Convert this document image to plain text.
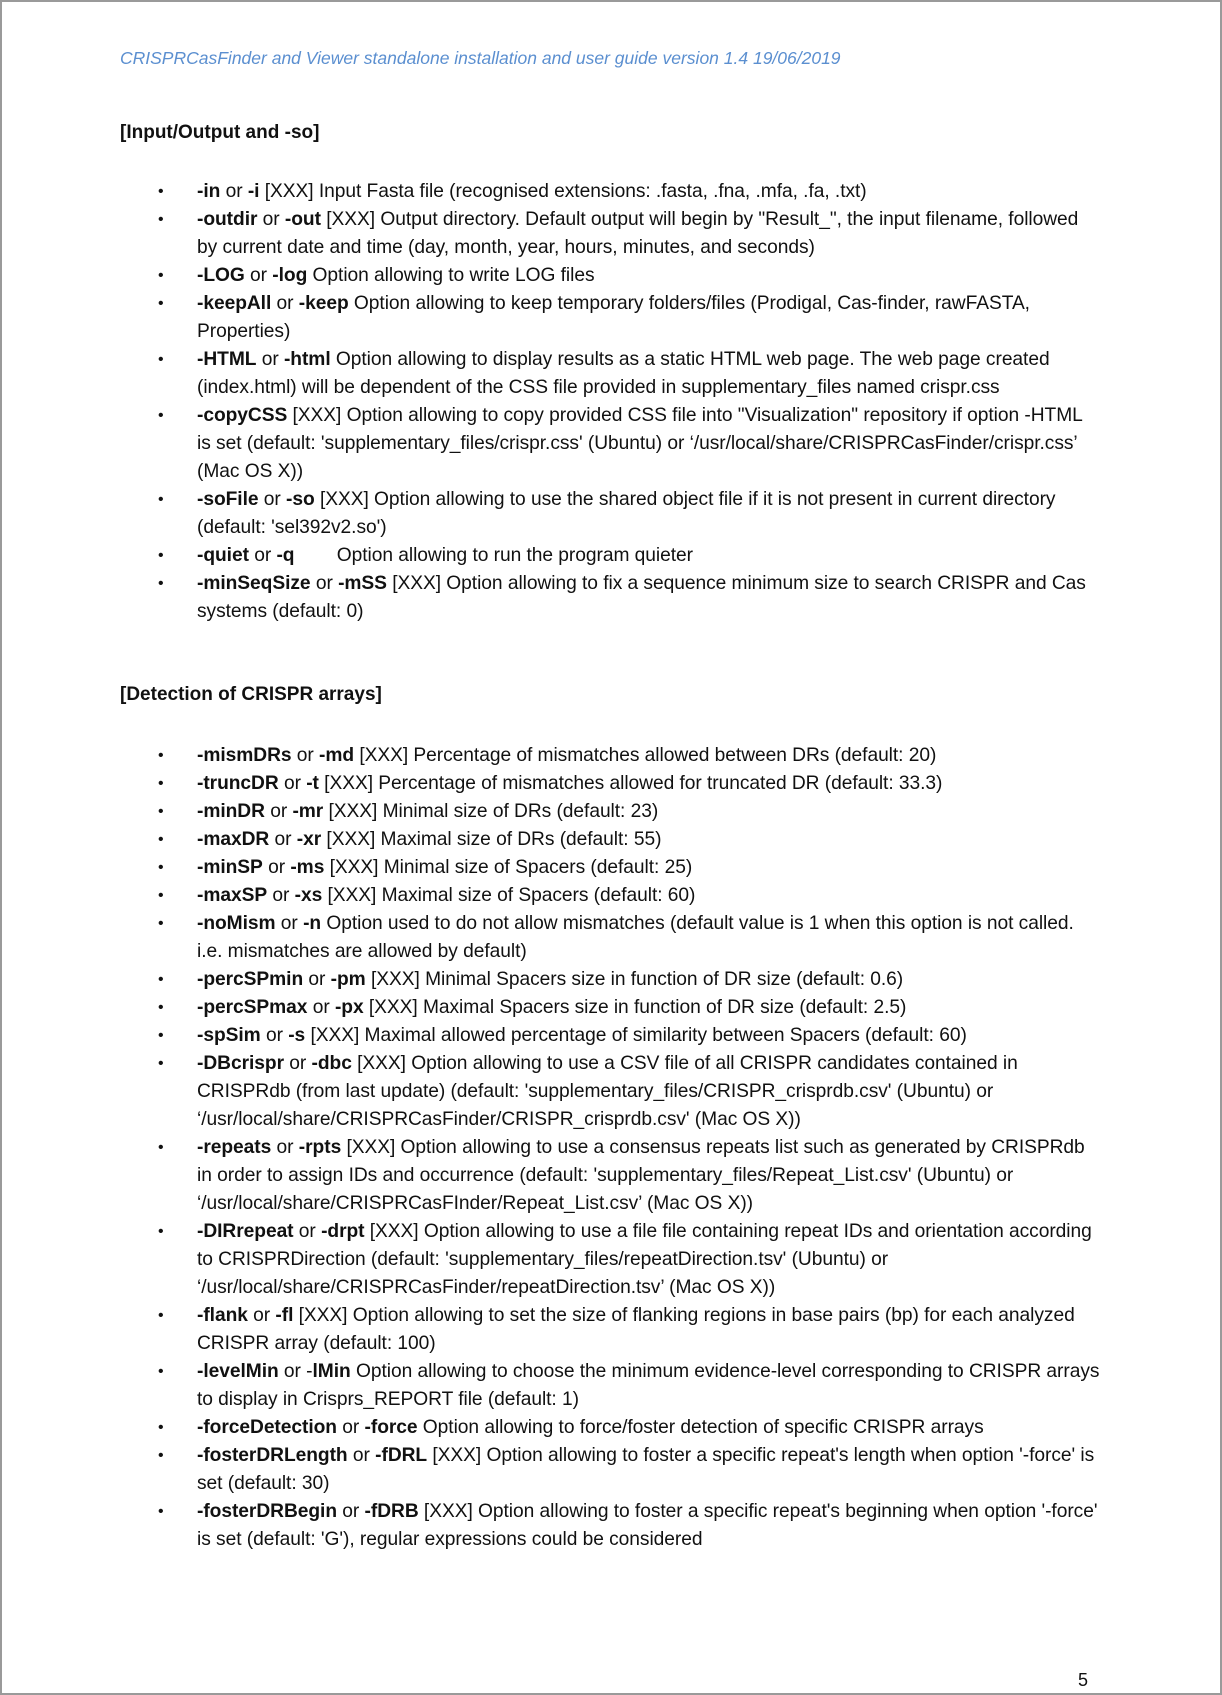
CRISPRCasFinder and Viewer standalone installation and user guide version 1.4 19/06/2019
[Input/Output and -so]
• -in or -i [XXX] Input Fasta file (recognised extensions: .fasta, .fna, .mfa, .fa, .txt)
• -outdir or -out [XXX] Output directory. Default output will begin by "Result_", the input filename, followed by current date and time (day, month, year, hours, minutes, and seconds)
• -LOG or -log Option allowing to write LOG files
• -keepAll or -keep Option allowing to keep temporary folders/files (Prodigal, Cas-finder, rawFASTA, Properties)
• -HTML or -html Option allowing to display results as a static HTML web page. The web page created (index.html) will be dependent of the CSS file provided in supplementary_files named crispr.css
• -copyCSS [XXX] Option allowing to copy provided CSS file into "Visualization" repository if option -HTML is set (default: 'supplementary_files/crispr.css' (Ubuntu) or ‘/usr/local/share/CRISPRCasFinder/crispr.css’ (Mac OS X))
• -soFile or -so [XXX] Option allowing to use the shared object file if it is not present in current directory (default: 'sel392v2.so')
• -quiet or -q        Option allowing to run the program quieter
• -minSeqSize or -mSS [XXX] Option allowing to fix a sequence minimum size to search CRISPR and Cas systems (default: 0)
[Detection of CRISPR arrays]
• -mismDRs or -md [XXX] Percentage of mismatches allowed between DRs (default: 20)
• -truncDR or -t [XXX] Percentage of mismatches allowed for truncated DR (default: 33.3)
• -minDR or -mr [XXX] Minimal size of DRs (default: 23)
• -maxDR or -xr [XXX] Maximal size of DRs (default: 55)
• -minSP or -ms [XXX] Minimal size of Spacers (default: 25)
• -maxSP or -xs [XXX] Maximal size of Spacers (default: 60)
• -noMism or -n Option used to do not allow mismatches (default value is 1 when this option is not called. i.e. mismatches are allowed by default)
• -percSPmin or -pm [XXX] Minimal Spacers size in function of DR size (default: 0.6)
• -percSPmax or -px [XXX] Maximal Spacers size in function of DR size (default: 2.5)
• -spSim or -s [XXX] Maximal allowed percentage of similarity between Spacers (default: 60)
• -DBcrispr or -dbc [XXX] Option allowing to use a CSV file of all CRISPR candidates contained in CRISPRdb (from last update) (default: 'supplementary_files/CRISPR_crisprdb.csv' (Ubuntu) or ‘/usr/local/share/CRISPRCasFinder/CRISPR_crisprdb.csv' (Mac OS X))
• -repeats or -rpts [XXX] Option allowing to use a consensus repeats list such as generated by CRISPRdb in order to assign IDs and occurrence (default: 'supplementary_files/Repeat_List.csv' (Ubuntu) or ‘/usr/local/share/CRISPRCasFInder/Repeat_List.csv’ (Mac OS X))
• -DIRrepeat or -drpt [XXX] Option allowing to use a file file containing repeat IDs and orientation according to CRISPRDirection (default: 'supplementary_files/repeatDirection.tsv' (Ubuntu) or ‘/usr/local/share/CRISPRCasFinder/repeatDirection.tsv’ (Mac OS X))
• -flank or -fl [XXX] Option allowing to set the size of flanking regions in base pairs (bp) for each analyzed CRISPR array (default: 100)
• -levelMin or -lMin Option allowing to choose the minimum evidence-level corresponding to CRISPR arrays to display in Crisprs_REPORT file (default: 1)
• -forceDetection or -force Option allowing to force/foster detection of specific CRISPR arrays
• -fosterDRLength or -fDRL [XXX] Option allowing to foster a specific repeat's length when option '-force' is set (default: 30)
• -fosterDRBegin or -fDRB [XXX] Option allowing to foster a specific repeat's beginning when option '-force' is set (default: 'G'), regular expressions could be considered
5
